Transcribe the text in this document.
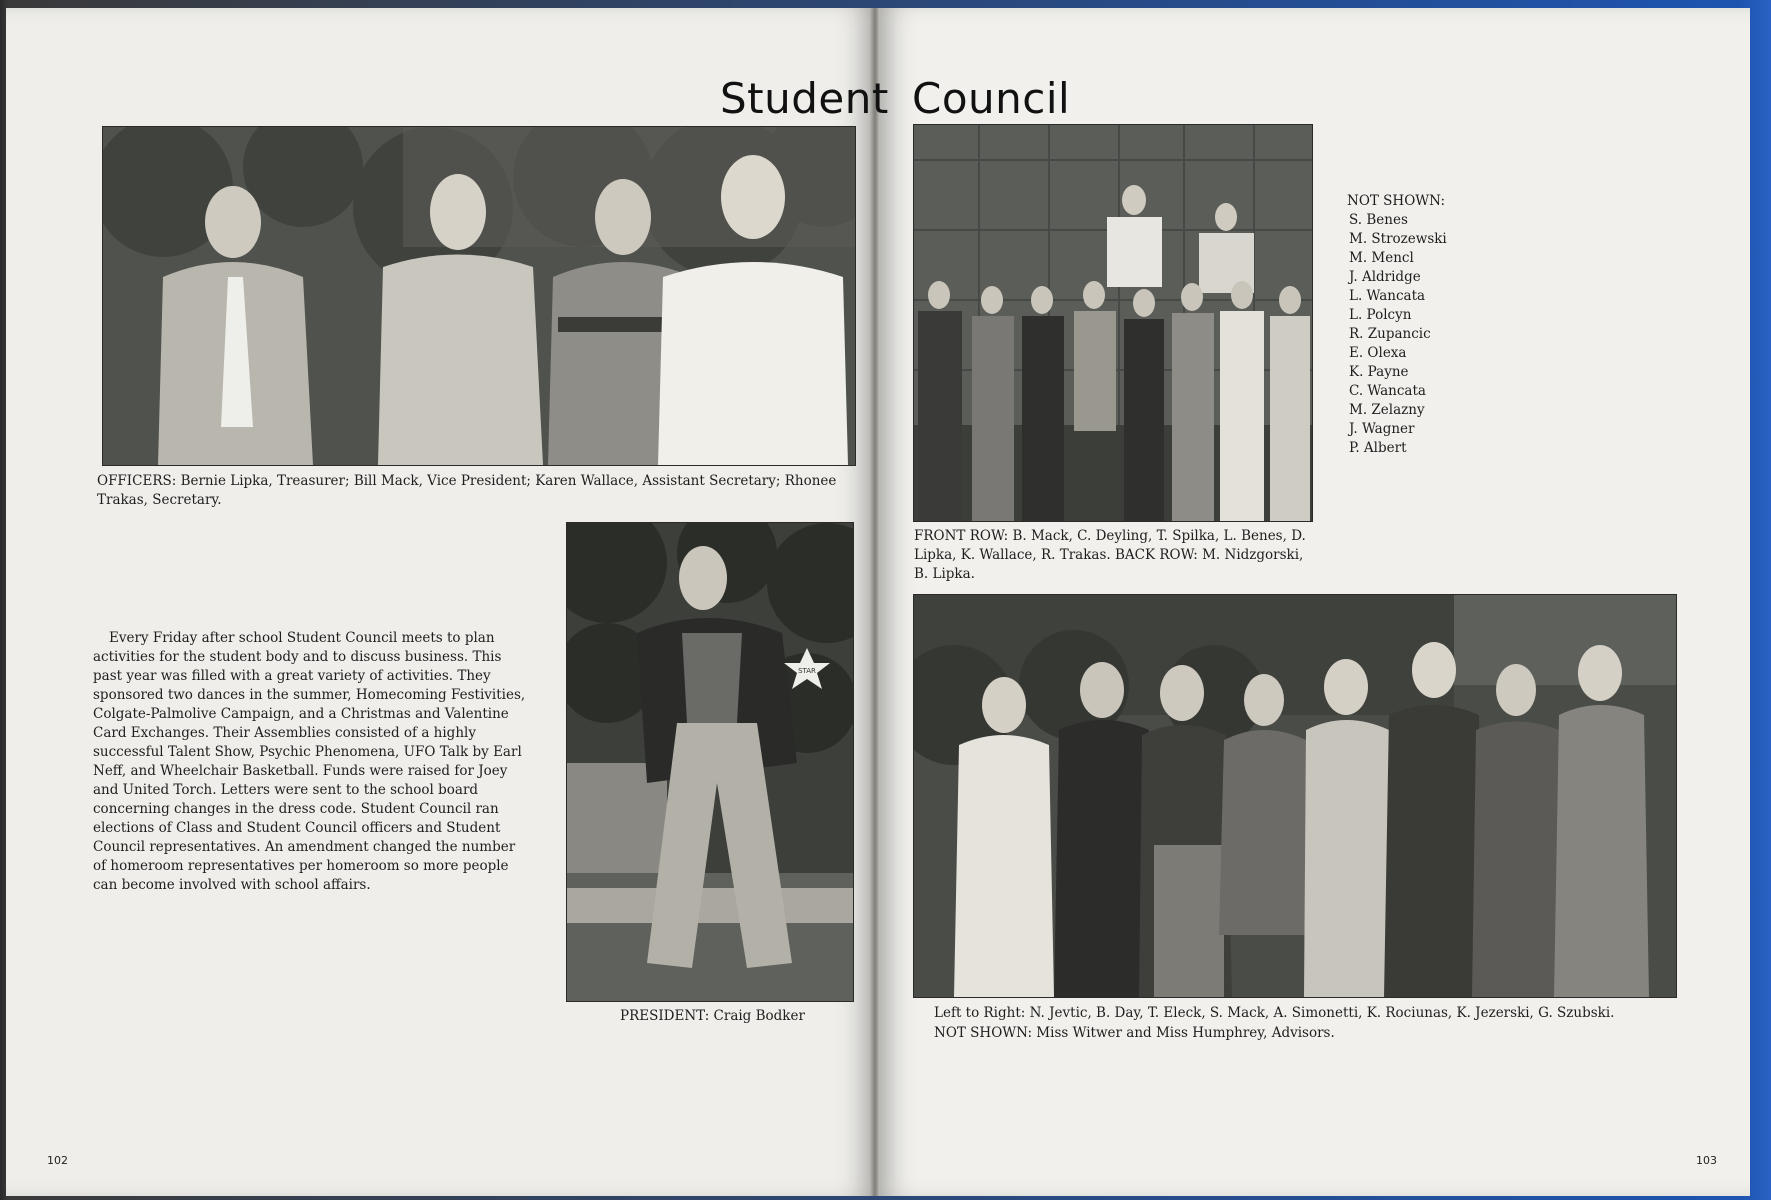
Student Council
OFFICERS: Bernie Lipka, Treasurer; Bill Mack, Vice President; Karen Wallace, Assistant Secretary; Rhonee Trakas, Secretary.
Every Friday after school Student Council meets to plan activities for the student body and to discuss business. This past year was filled with a great variety of activities. They sponsored two dances in the summer, Homecoming Festivities, Colgate-Palmolive Campaign, and a Christmas and Valentine Card Exchanges. Their Assemblies consisted of a highly successful Talent Show, Psychic Phenomena, UFO Talk by Earl Neff, and Wheelchair Basketball. Funds were raised for Joey and United Torch. Letters were sent to the school board concerning changes in the dress code. Student Council ran elections of Class and Student Council officers and Student Council representatives. An amendment changed the number of homeroom representatives per homeroom so more people can become involved with school affairs.
STAR
PRESIDENT: Craig Bodker
FRONT ROW: B. Mack, C. Deyling, T. Spilka, L. Benes, D. Lipka, K. Wallace, R. Trakas. BACK ROW: M. Nidzgorski, B. Lipka.
NOT SHOWN:
S. Benes
M. Strozewski
M. Mencl
J. Aldridge
L. Wancata
L. Polcyn
R. Zupancic
E. Olexa
K. Payne
C. Wancata
M. Zelazny
J. Wagner
P. Albert
Left to Right: N. Jevtic, B. Day, T. Eleck, S. Mack, A. Simonetti, K. Rociunas, K. Jezerski, G. Szubski.
NOT SHOWN: Miss Witwer and Miss Humphrey, Advisors.
102	103
